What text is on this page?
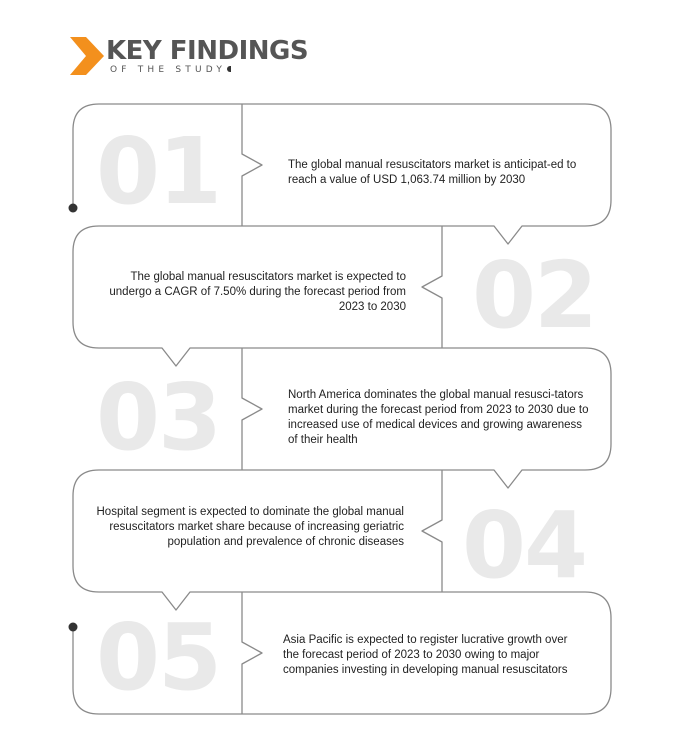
KEY FINDINGS
OF THE STUDY
01	The global manual resuscitators market is anticipat-ed to reach a value of USD 1,063.74 million by 2030
02
The global manual resuscitators market is expected to undergo a CAGR of 7.50% during the forecast period from 2023 to 2030
03	North America dominates the global manual resusci-tators market during the forecast period from 2023 to 2030 due to increased use of medical devices and growing awareness of their health
04
Hospital segment is expected to dominate the global manual resuscitators market share because of increasing geriatric population and prevalence of chronic diseases
05	Asia Pacific is expected to register lucrative growth over the forecast period of 2023 to 2030 owing to major companies investing in developing manual resuscitators
